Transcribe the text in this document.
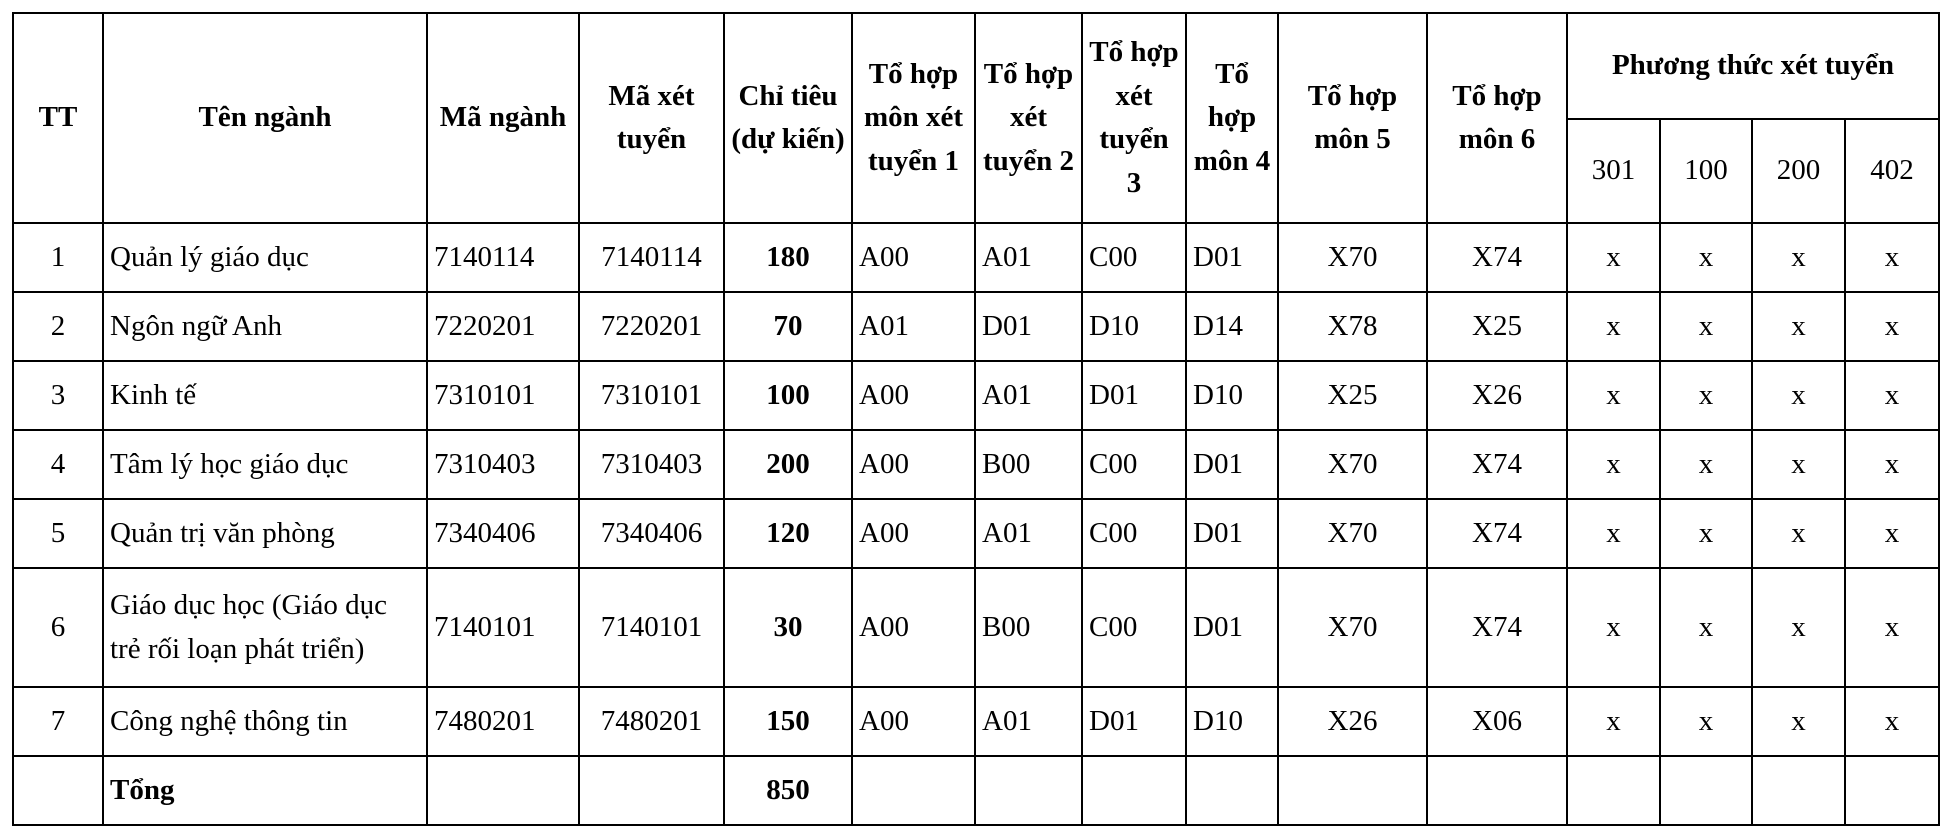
TT	Tên ngành	Mã ngành	Mã xét tuyển	Chỉ tiêu (dự kiến)	Tổ hợp môn xét tuyển 1	Tổ hợp xét tuyển 2	Tổ hợp xét tuyển 3	Tổ hợp môn 4	Tổ hợp môn 5	Tổ hợp môn 6	Phương thức xét tuyển			
											301	100	200	402
1	Quản lý giáo dục	7140114	7140114	180	A00	A01	C00	D01	X70	X74	x	x	x	x
2	Ngôn ngữ Anh	7220201	7220201	70	A01	D01	D10	D14	X78	X25	x	x	x	x
3	Kinh tế	7310101	7310101	100	A00	A01	D01	D10	X25	X26	x	x	x	x
4	Tâm lý học giáo dục	7310403	7310403	200	A00	B00	C00	D01	X70	X74	x	x	x	x
5	Quản trị văn phòng	7340406	7340406	120	A00	A01	C00	D01	X70	X74	x	x	x	x
6	Giáo dục học (Giáo dục trẻ rối loạn phát triển)	7140101	7140101	30	A00	B00	C00	D01	X70	X74	x	x	x	x
7	Công nghệ thông tin	7480201	7480201	150	A00	A01	D01	D10	X26	X06	x	x	x	x
	Tổng			850										
